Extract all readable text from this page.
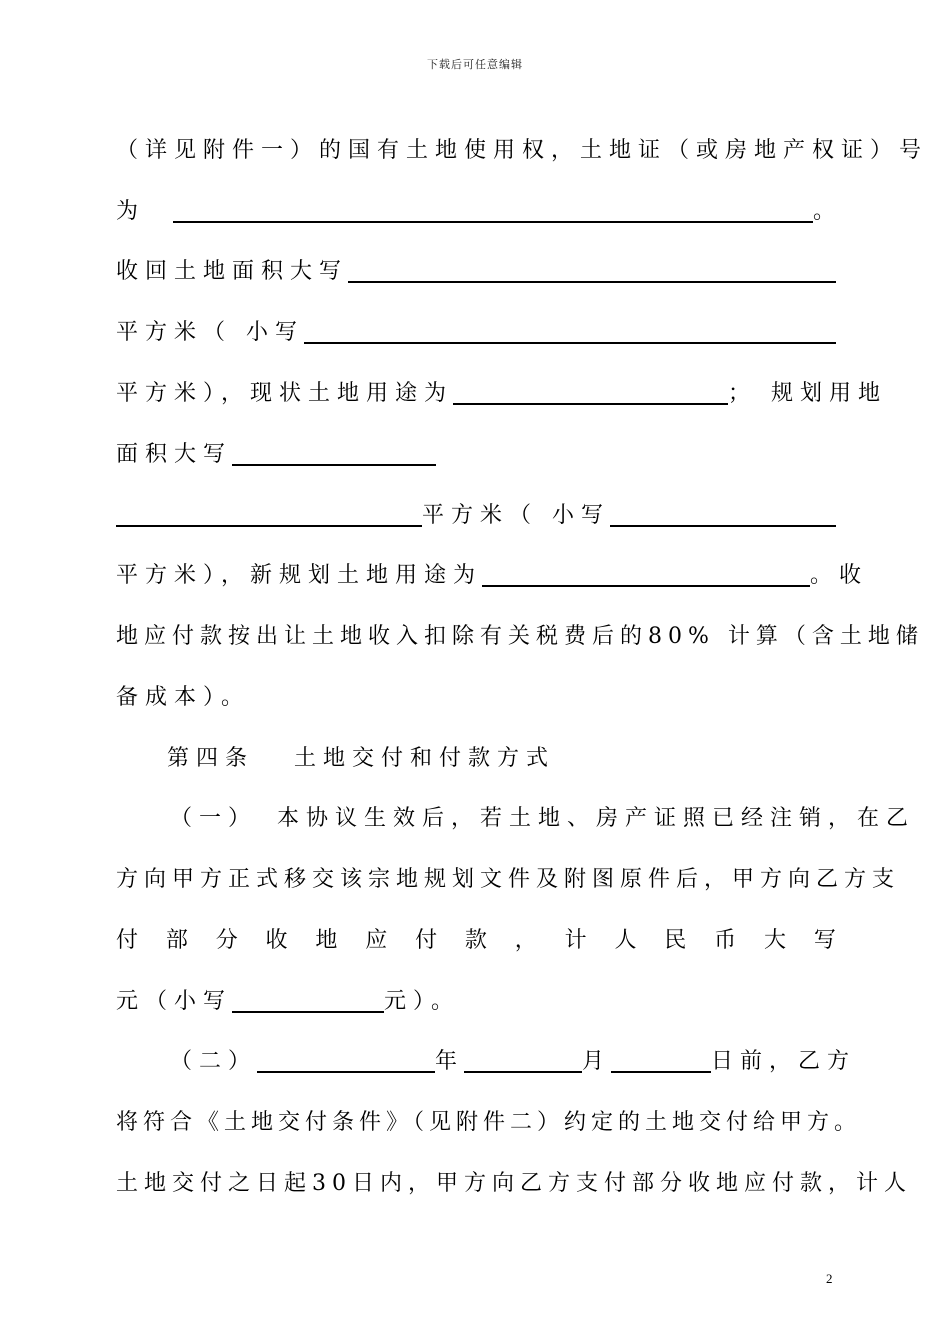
下载后可任意编辑
（详见附件一）的国有土地使用权，土地证（或房地产权证）号
为	。
收回土地面积大写
平方米（ 小写
平方米），现状土地用途为	； 规划用地
面积大写
平方米（ 小写
平方米），新规划土地用途为	。收
地应付款按出让土地收入扣除有关税费后的80% 计算（含土地储
备成本）。
第四条 土地交付和付款方式
（一） 本协议生效后，若土地、房产证照已经注销，在乙
方向甲方正式移交该宗地规划文件及附图原件后，甲方向乙方支
付 部 分 收 地 应 付 款 ， 计 人 民 币 大 写
元（小写	元）。
（二）	年	月	日前，乙方
将符合《土地交付条件》（见附件二）约定的土地交付给甲方。
土地交付之日起30日内，甲方向乙方支付部分收地应付款，计人
2
